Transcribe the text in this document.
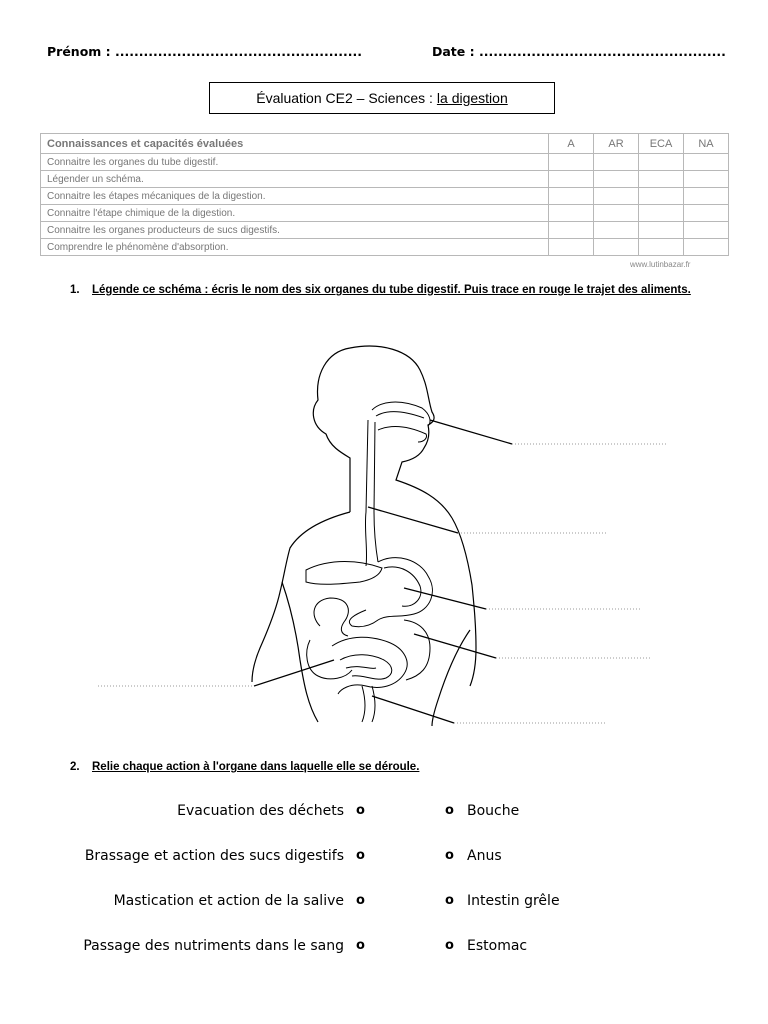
Prénom : ....................................................	Date : ....................................................
Évaluation CE2 – Sciences : la digestion
Connaissances et capacités évaluées	A	AR	ECA	NA
Connaitre les organes du tube digestif.				
Légender un schéma.				
Connaitre les étapes mécaniques de la digestion.				
Connaitre l'étape chimique de la digestion.				
Connaitre les organes producteurs de sucs digestifs.				
Comprendre le phénomène d'absorption.				
www.lutinbazar.fr
1. Légende ce schéma : écris le nom des six organes du tube digestif. Puis trace en rouge le trajet des aliments.
2. Relie chaque action à l'organe dans laquelle elle se déroule.
Evacuation des déchets
Brassage et action des sucs digestifs
Mastication et action de la salive
Passage des nutriments dans le sang
o
o
o
o
o
o
o
o
Bouche
Anus
Intestin grêle
Estomac
